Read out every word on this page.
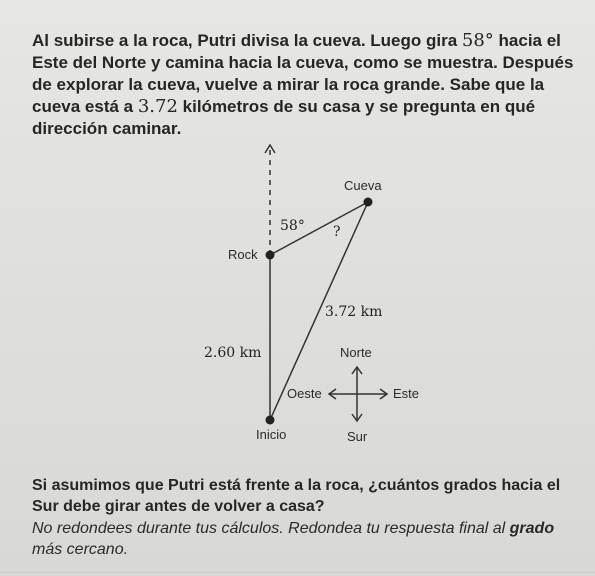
Al subirse a la roca, Putri divisa la cueva. Luego gira 58° hacia el Este del Norte y camina hacia la cueva, como se muestra. Después de explorar la cueva, vuelve a mirar la roca grande. Sabe que la cueva está a 3.72 kilómetros de su casa y se pregunta en qué dirección caminar.

Cueva
58° ?
Rock
3.72 km
2.60 km
Inicio
Norte
Sur
Oeste	Este

Si asumimos que Putri está frente a la roca, ¿cuántos grados hacia el Sur debe girar antes de volver a casa?

No redondees durante tus cálculos. Redondea tu respuesta final al grado más cercano.
